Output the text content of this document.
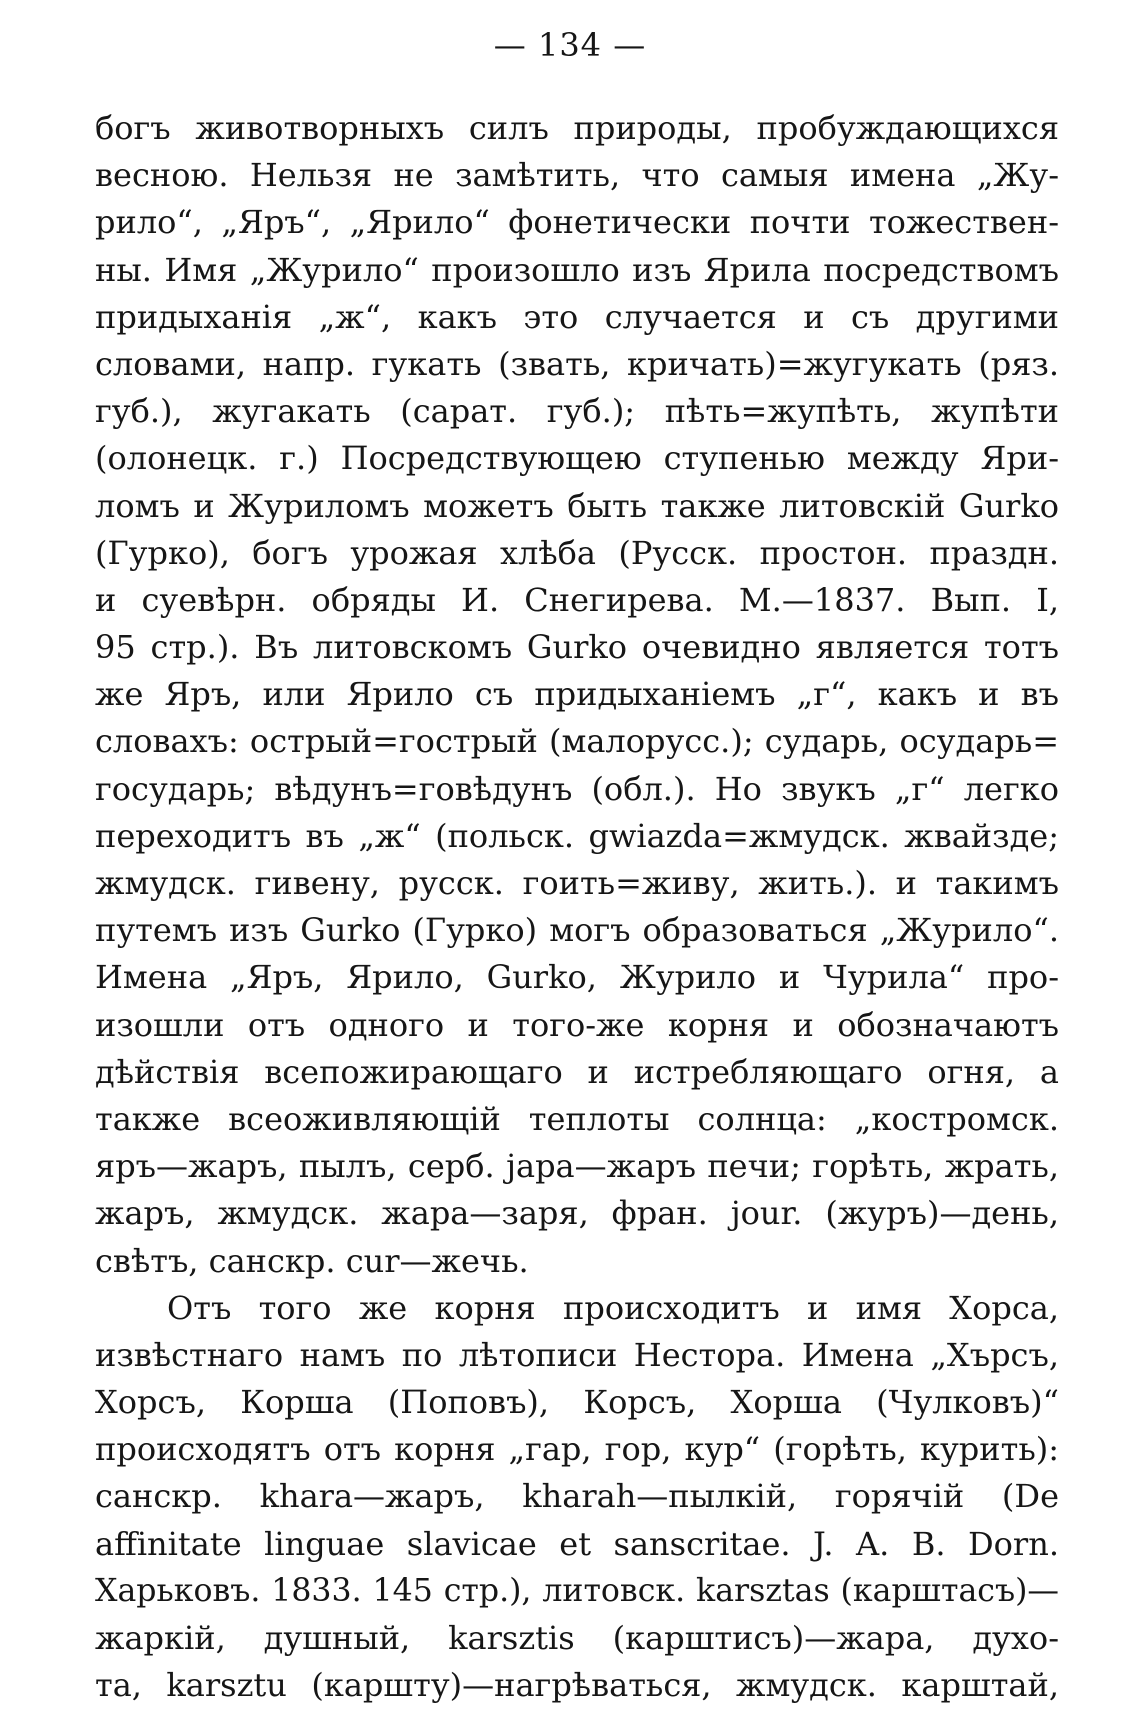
— 134 —
богъ животворныхъ силъ природы, пробуждающихся
весною. Нельзя не замѣтить, что самыя имена „Жу-
рило“, „Яръ“, „Ярило“ фонетически почти тожествен-
ны. Имя „Журило“ произошло изъ Ярила посредствомъ
придыханія „ж“, какъ это случается и съ другими
словами, напр. гукать (звать, кричать)=жугукать (ряз.
губ.), жугакать (сарат. губ.); пѣть=жупѣть, жупѣти
(олонецк. г.) Посредствующею ступенью между Яри-
ломъ и Журиломъ можетъ быть также литовскій Gurko
(Гурко), богъ урожая хлѣба (Русск. простон. праздн.
и суевѣрн. обряды И. Снегирева. М.—1837. Вып. I,
95 стр.). Въ литовскомъ Gurko очевидно является тотъ
же Яръ, или Ярило съ придыханіемъ „г“, какъ и въ
словахъ: острый=гострый (малорусс.); сударь, осударь=
государь; вѣдунъ=говѣдунъ (обл.). Но звукъ „г“ легко
переходитъ въ „ж“ (польск. gwiazda=жмудск. жвайзде;
жмудск. гивену, русск. гоить=живу, жить.). и такимъ
путемъ изъ Gurko (Гурко) могъ образоваться „Журило“.
Имена „Яръ, Ярило, Gurko, Журило и Чурила“ про-
изошли отъ одного и того-же корня и обозначаютъ
дѣйствія всепожирающаго и истребляющаго огня, а
также всеоживляющій теплоты солнца: „костромск.
яръ—жаръ, пылъ, серб. јара—жаръ печи; горѣть, жрать,
жаръ, жмудск. жара—заря, фран. jour. (журъ)—день,
свѣтъ, санскр. cur—жечь.
Отъ того же корня происходитъ и имя Хорса,
извѣстнаго намъ по лѣтописи Нестора. Имена „Хърсъ,
Хорсъ, Корша (Поповъ), Корсъ, Хорша (Чулковъ)“
происходятъ отъ корня „гар, гор, кур“ (горѣть, курить):
санскр. khara—жаръ, kharah—пылкій, горячій (De
affinitate linguae slavicae et sanscritae. J. A. B. Dorn.
Харьковъ. 1833. 145 стр.), литовск. karsztas (карштасъ)—
жаркій, душный, karsztis (карштисъ)—жара, духо-
та, karsztu (каршту)—нагрѣваться, жмудск. карштай,
